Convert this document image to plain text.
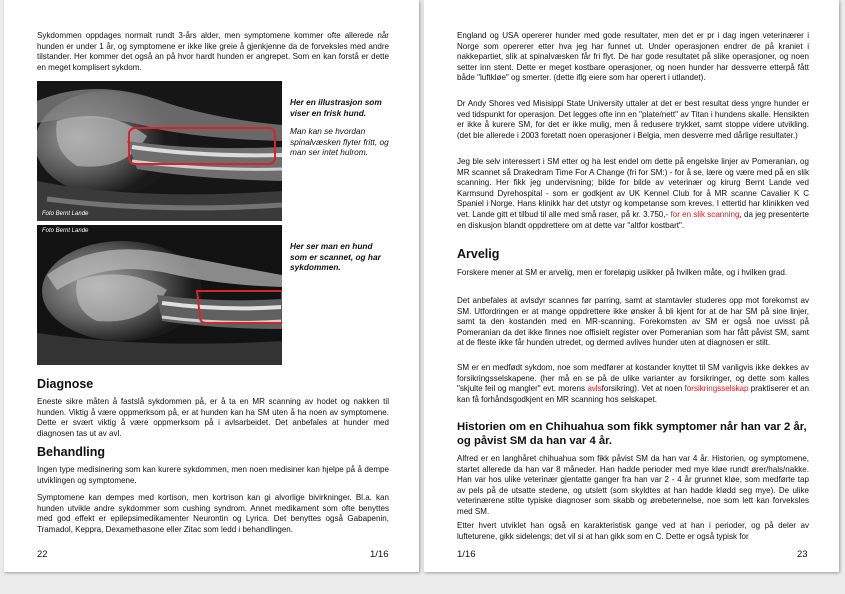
Sykdommen oppdages normalt rundt 3-års alder, men symptomene kommer ofte allerede når hunden er under 1 år, og symptomene er ikke like greie å gjenkjenne da de forveksles med andre tilstander. Her kommer det også an på hvor hardt hunden er angrepet. Som en kan forstå er dette en meget komplisert sykdom.

Foto Bernt Lande
Her en illustrasjon som viser en frisk hund.
Man kan se hvordan spinalvæsken flyter fritt, og man ser intet hulrom.
Foto Bernt Lande
Her ser man en hund som er scannet, og har sykdommen.
Diagnose

Eneste sikre måten å fastslå sykdommen på, er å ta en MR scanning av hodet og nakken til hunden. Viktig å være oppmerksom på, er at hunden kan ha SM uten å ha noen av symptomene. Dette er svært viktig å være oppmerksom på i avlsarbeidet. Det anbefales at hunder med diagnosen tas ut av avl.

Behandling

Ingen type medisinering som kan kurere sykdommen, men noen medisiner kan hjelpe på å dempe utviklingen og symptomene.

Symptomene kan dempes med kortison, men kortrison kan gi alvorlige bivirkninger. Bl.a. kan hunden utvikle andre sykdommer som cushing syndrom. Annet medikament som ofte benyttes med god effekt er epilepsimedikamenter Neurontin og Lyrica. Det benyttes også Gabapenin, Tramadol, Keppra, Dexamethasone eller Zitac som ledd i behandlingen.

22	1/16

England og USA opererer hunder med gode resultater, men det er pr i dag ingen veterinærer i Norge som opererer etter hva jeg har funnet ut. Under operasjonen endrer de på kraniet i nakkepartiet, slik at spinalvæsken får fri flyt. De har gode resultatet på slike operasjoner, og noen setter inn stent. Dette er meget kostbare operasjoner, og noen hunder har dessverre etterpå fått både "luftkløe" og smerter. (dette iflg eiere som har operert i utlandet).

Dr Andy Shores ved Misisippi State University uttaler at det er best resultat dess yngre hunder er ved tidspunkt for operasjon. Det legges ofte inn en "plate/nett" av Titan i hundens skalle. Hensikten er ikke å kurere SM, for det er ikke mulig, men å redusere trykket, samt stoppe videre utvikling. (det ble allerede i 2003 foretatt noen operasjoner i Belgia, men desverre med dårlige resultater.)

Jeg ble selv interessert i SM etter og ha lest endel om dette på engelske linjer av Pomeranian, og MR scannet så Drakedram Time For A Change (fri for SM:) - for å se, lære og være med på en slik scanning. Her fikk jeg undervisning; bilde for bilde av veterinær og kirurg Bernt Lande ved Karmsund Dyrehospital - som er godkjent av UK Kennel Club for å MR scanne Cavalier K C Spaniel i Norge. Hans klinikk har det utstyr og kompetanse som kreves. I ettertid har klinikken ved vet. Lande gitt et tilbud til alle med små raser, på kr. 3.750,- for en slik scanning, da jeg presenterte en diskusjon blandt oppdrettere om at dette var "altfor kostbart".

Arvelig

Forskere mener at SM er arvelig, men er foreløpig usikker på hvilken måte, og i hvilken grad.

Det anbefales at avlsdyr scannes før parring, samt at stamtavler studeres opp mot forekomst av SM. Utfordringen er at mange oppdrettere ikke ønsker å bli kjent for at de har SM på sine linjer, samt ta den kostanden med en MR-scanning. Forekomsten av SM er også noe uvisst på Pomeranian da det ikke finnes noe offisielt register over Pomeranian som har fått påvist SM, samt at de fleste ikke får hunden utredet, og dermed avlives hunder uten at diagnosen er stilt.

SM er en medfødt sykdom, noe som medfører at kostander knyttet til SM vanligvis ikke dekkes av forsikringsselskapene. (her må en se på de ulike varianter av forsikringer, og dette som kalles "skjulte feil og mangler" evt. morens avlsforsikring). Vet at noen forsikringsselskap praktiserer et an kan få forhåndsgodkjent en MR scanning hos selskapet.

Historien om en Chihuahua som fikk symptomer når han var 2 år, og påvist SM da han var 4 år.

Alfred er en langhåret chihuahua som fikk påvist SM da han var 4 år. Historien, og symptomene, startet allerede da han var 8 måneder. Han hadde perioder med mye kløe rundt ører/hals/nakke. Han var hos ulike veterinær gjentatte ganger fra han var 2 - 4 år grunnet kløe, som medførte tap av pels på de utsatte stedene, og utslett (som skyldtes at han hadde klødd seg mye). De ulike veterinærene stilte typiske diagnoser som skabb og ørebetennelse, noe som lett kan forveksles med SM.

Etter hvert utviklet han også en karakteristisk gange ved at han i perioder, og på deler av lufteturene, gikk sidelengs; det vil si at han gikk som en C. Dette er også typisk for

1/16	23
